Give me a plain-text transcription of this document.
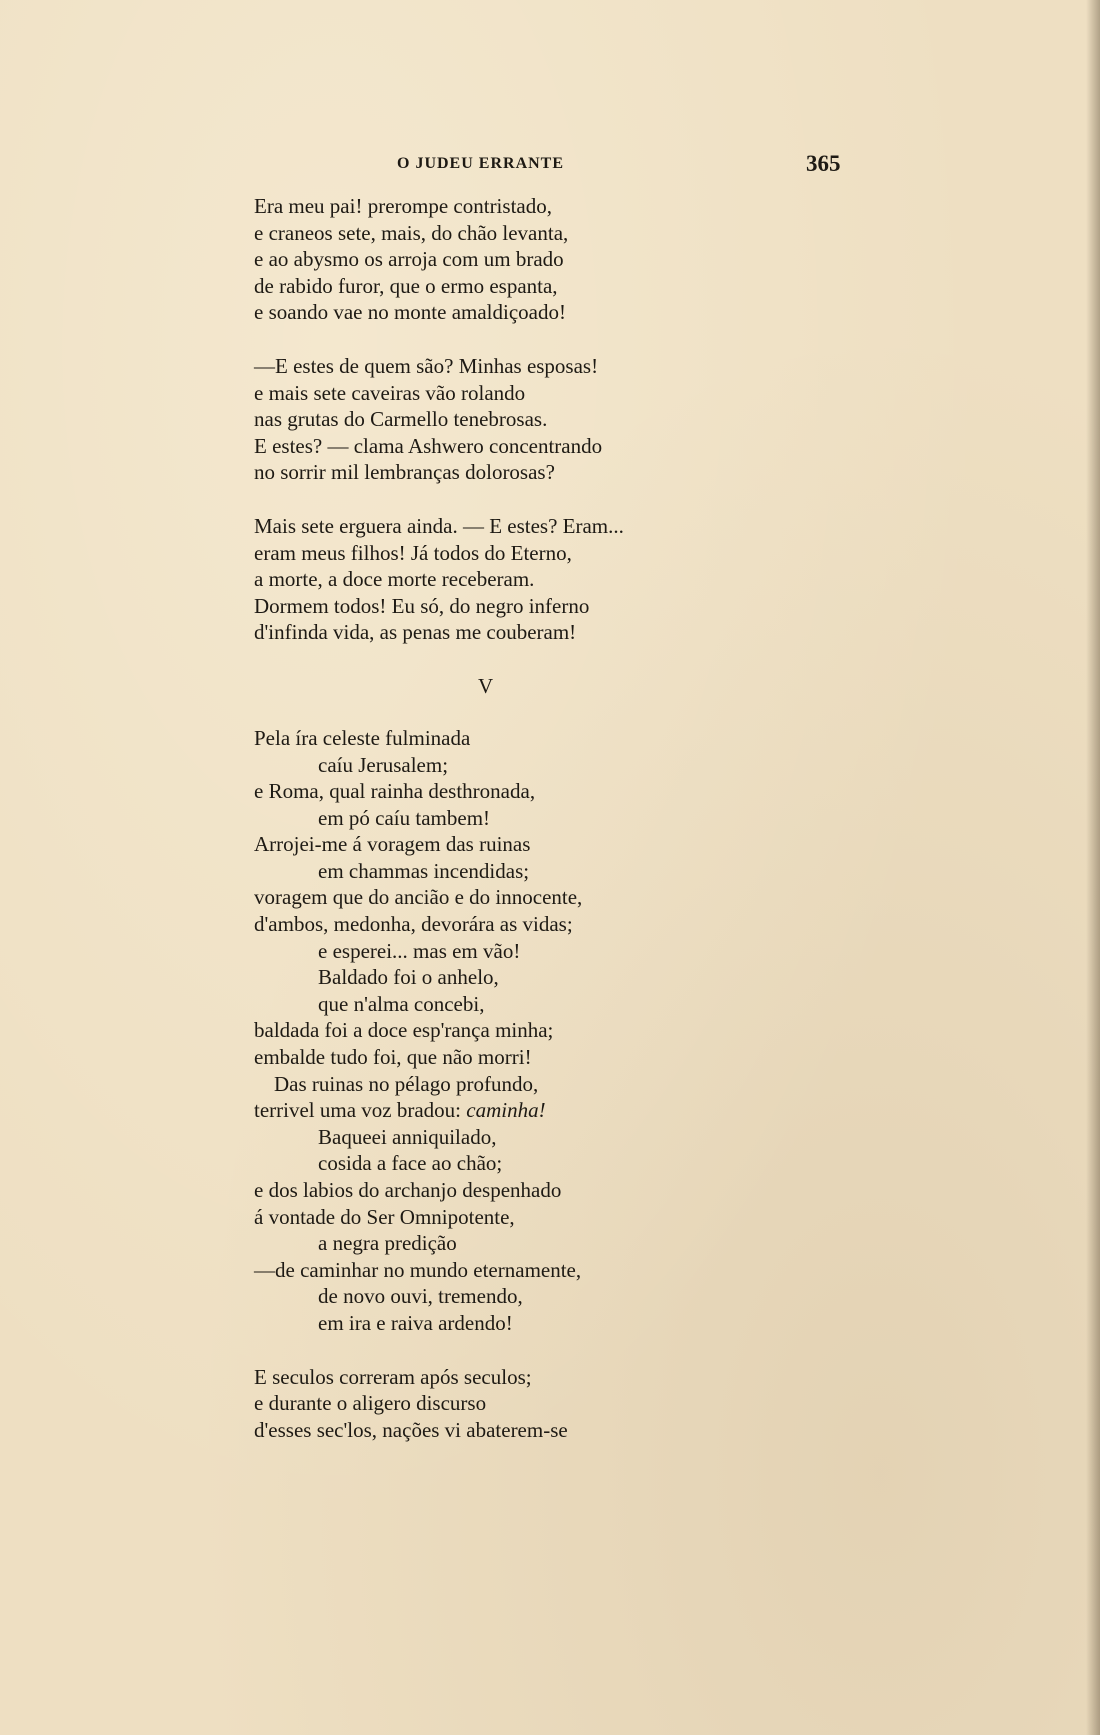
O JUDEU ERRANTE	365
Era meu pai! prerompe contristado,
e craneos sete, mais, do chão levanta,
e ao abysmo os arroja com um brado
de rabido furor, que o ermo espanta,
e soando vae no monte amaldiçoado!
—E estes de quem são? Minhas esposas!
e mais sete caveiras vão rolando
nas grutas do Carmello tenebrosas.
E estes? — clama Ashwero concentrando
no sorrir mil lembranças dolorosas?
Mais sete erguera ainda. — E estes? Eram...
eram meus filhos! Já todos do Eterno,
a morte, a doce morte receberam.
Dormem todos! Eu só, do negro inferno
d'infinda vida, as penas me couberam!
Pela íra celeste fulminada
caíu Jerusalem;
e Roma, qual rainha desthronada,
em pó caíu tambem!
Arrojei-me á voragem das ruinas
em chammas incendidas;
voragem que do ancião e do innocente,
d'ambos, medonha, devorára as vidas;
e esperei... mas em vão!
Baldado foi o anhelo,
que n'alma concebi,
baldada foi a doce esp'rança minha;
embalde tudo foi, que não morri!
Das ruinas no pélago profundo,
terrivel uma voz bradou: caminha!
Baqueei anniquilado,
cosida a face ao chão;
e dos labios do archanjo despenhado
á vontade do Ser Omnipotente,
a negra predição
—de caminhar no mundo eternamente,
de novo ouvi, tremendo,
em ira e raiva ardendo!
E seculos correram após seculos;
e durante o aligero discurso
d'esses sec'los, nações vi abaterem-se
V
